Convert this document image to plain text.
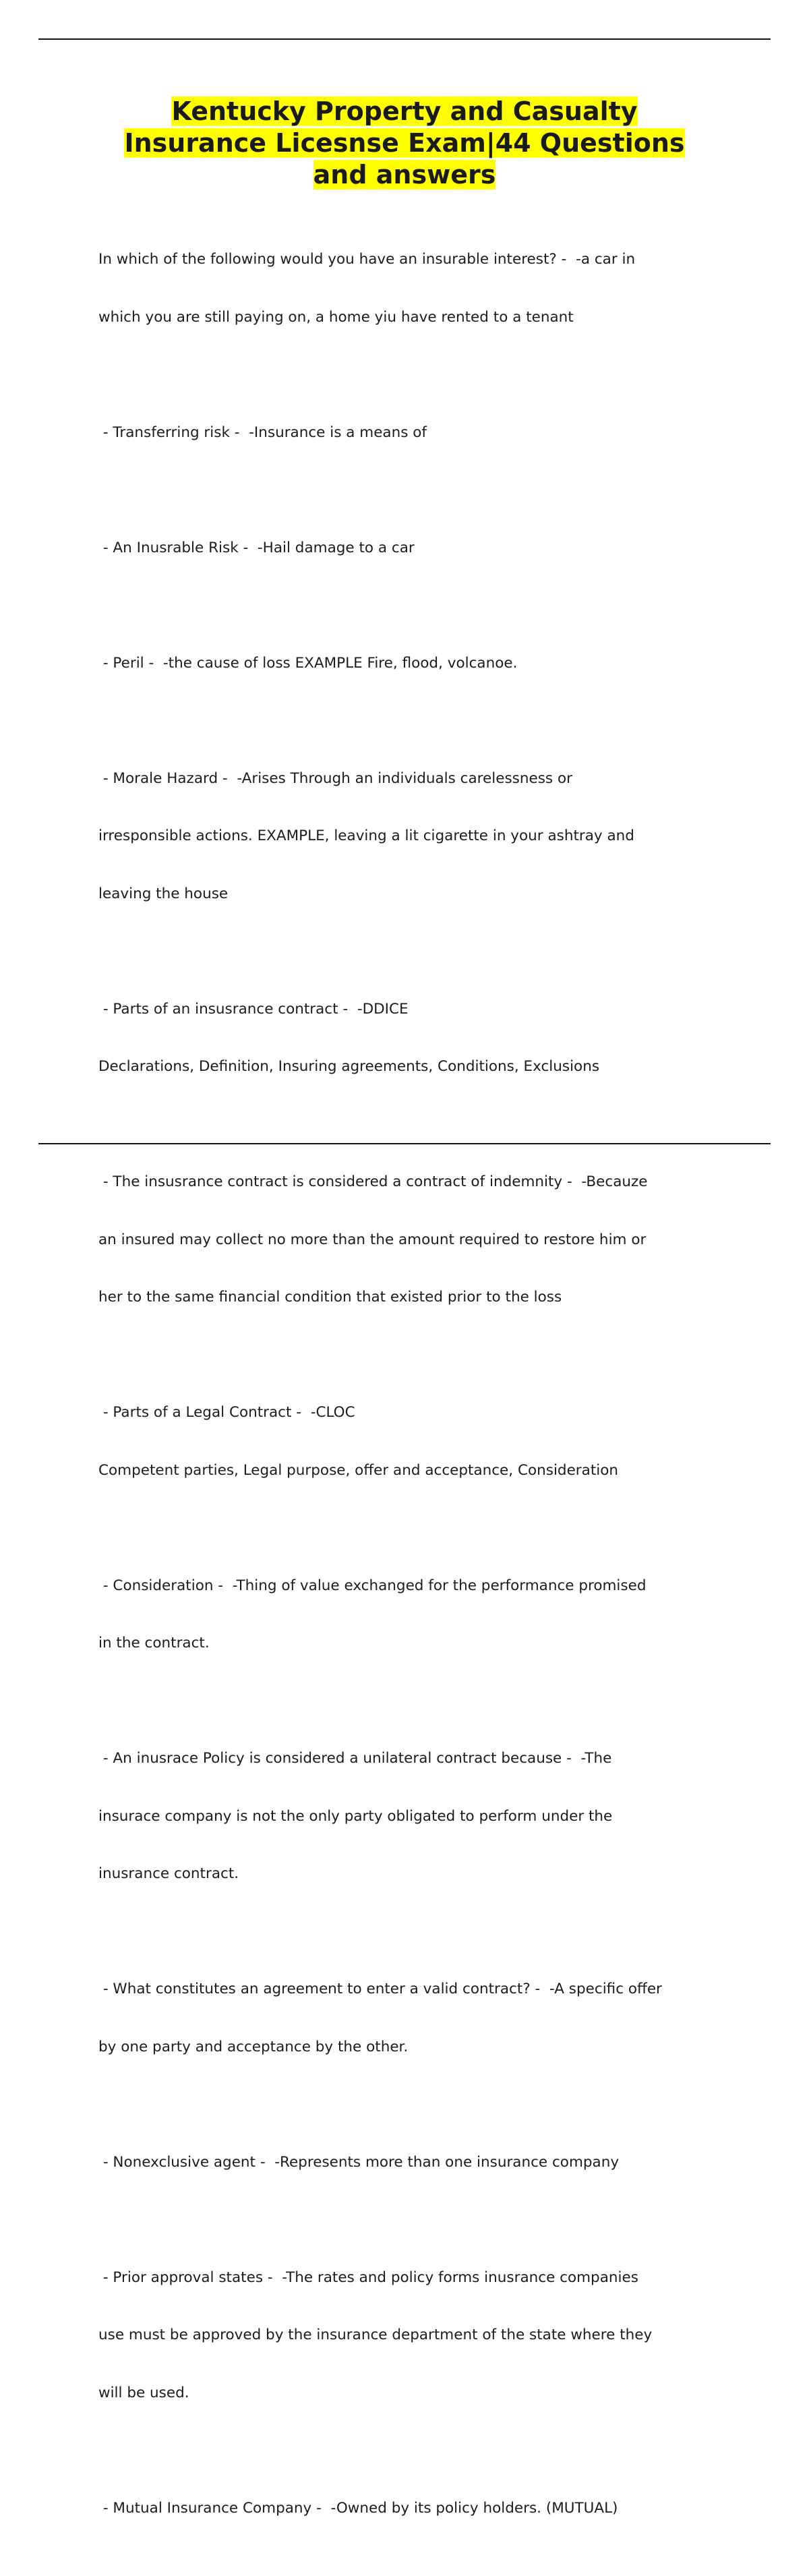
Kentucky Property and Casualty
Insurance Licesnse Exam|44 Questions
and answers

In which of the following would you have an insurable interest? -  -a car in

which you are still paying on, a home yiu have rented to a tenant

- Transferring risk -  -Insurance is a means of

- An Inusrable Risk -  -Hail damage to a car

- Peril -  -the cause of loss EXAMPLE Fire, flood, volcanoe.

- Morale Hazard -  -Arises Through an individuals carelessness or

irresponsible actions. EXAMPLE, leaving a lit cigarette in your ashtray and

leaving the house

- Parts of an insusrance contract -  -DDICE

Declarations, Definition, Insuring agreements, Conditions, Exclusions

- The insusrance contract is considered a contract of indemnity -  -Becauze

an insured may collect no more than the amount required to restore him or

her to the same financial condition that existed prior to the loss

- Parts of a Legal Contract -  -CLOC

Competent parties, Legal purpose, offer and acceptance, Consideration

- Consideration -  -Thing of value exchanged for the performance promised

in the contract.

- An inusrace Policy is considered a unilateral contract because -  -The

insurace company is not the only party obligated to perform under the

inusrance contract.

- What constitutes an agreement to enter a valid contract? -  -A specific offer

by one party and acceptance by the other.

- Nonexclusive agent -  -Represents more than one insurance company

- Prior approval states -  -The rates and policy forms inusrance companies

use must be approved by the insurance department of the state where they

will be used.

- Mutual Insurance Company -  -Owned by its policy holders. (MUTUAL)
